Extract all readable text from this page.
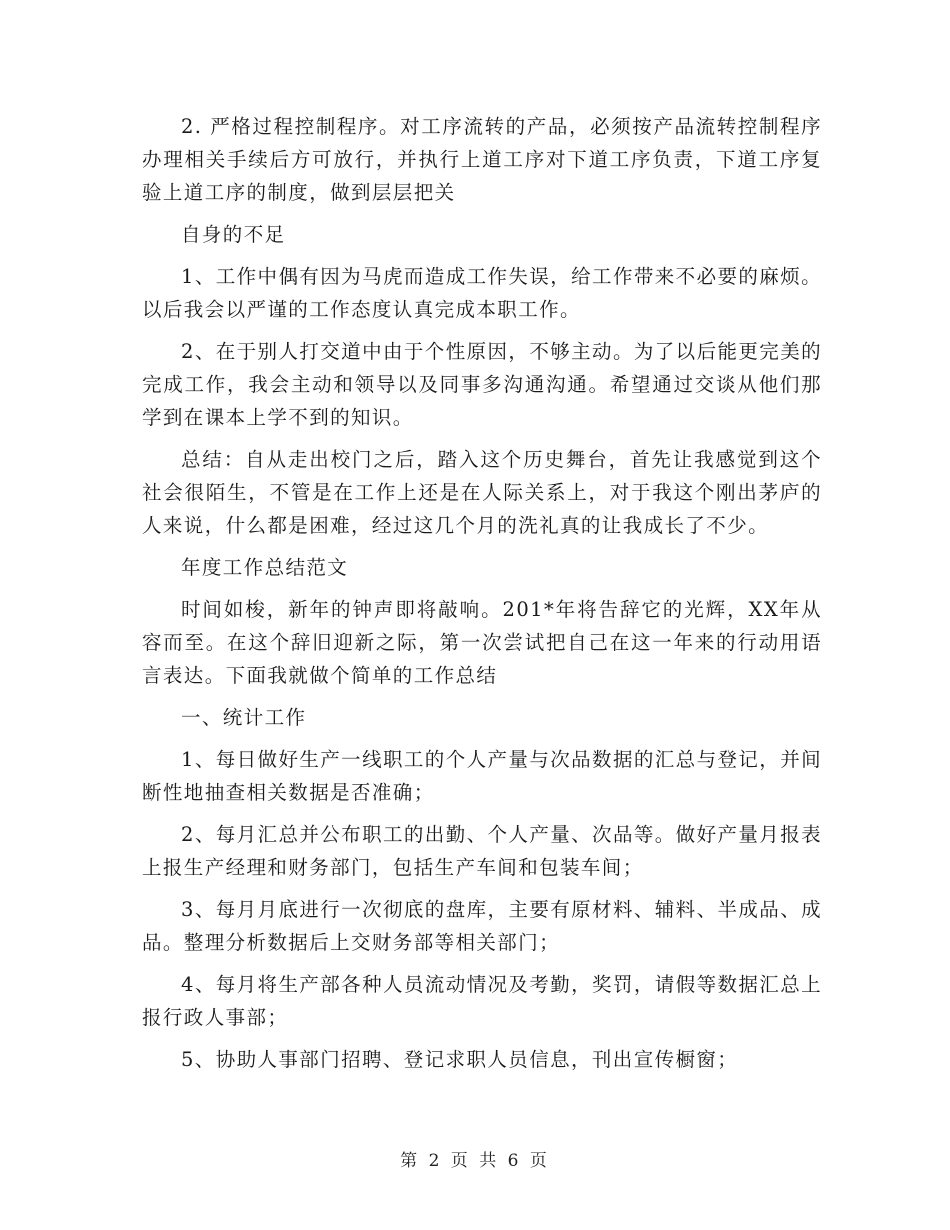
2. 严格过程控制程序。对工序流转的产品，必须按产品流转控制程序办理相关手续后方可放行，并执行上道工序对下道工序负责，下道工序复验上道工序的制度，做到层层把关

自身的不足

1、工作中偶有因为马虎而造成工作失误，给工作带来不必要的麻烦。以后我会以严谨的工作态度认真完成本职工作。

2、在于别人打交道中由于个性原因，不够主动。为了以后能更完美的完成工作，我会主动和领导以及同事多沟通沟通。希望通过交谈从他们那学到在课本上学不到的知识。

总结：自从走出校门之后，踏入这个历史舞台，首先让我感觉到这个社会很陌生，不管是在工作上还是在人际关系上，对于我这个刚出茅庐的人来说，什么都是困难，经过这几个月的洗礼真的让我成长了不少。

年度工作总结范文

时间如梭，新年的钟声即将敲响。201*年将告辞它的光辉，XX年从容而至。在这个辞旧迎新之际，第一次尝试把自己在这一年来的行动用语言表达。下面我就做个简单的工作总结

一、统计工作

1、每日做好生产一线职工的个人产量与次品数据的汇总与登记，并间断性地抽查相关数据是否准确；

2、每月汇总并公布职工的出勤、个人产量、次品等。做好产量月报表上报生产经理和财务部门，包括生产车间和包装车间；

3、每月月底进行一次彻底的盘库，主要有原材料、辅料、半成品、成品。整理分析数据后上交财务部等相关部门；

4、每月将生产部各种人员流动情况及考勤，奖罚，请假等数据汇总上报行政人事部；

5、协助人事部门招聘、登记求职人员信息，刊出宣传橱窗；

第 2 页 共 6 页
